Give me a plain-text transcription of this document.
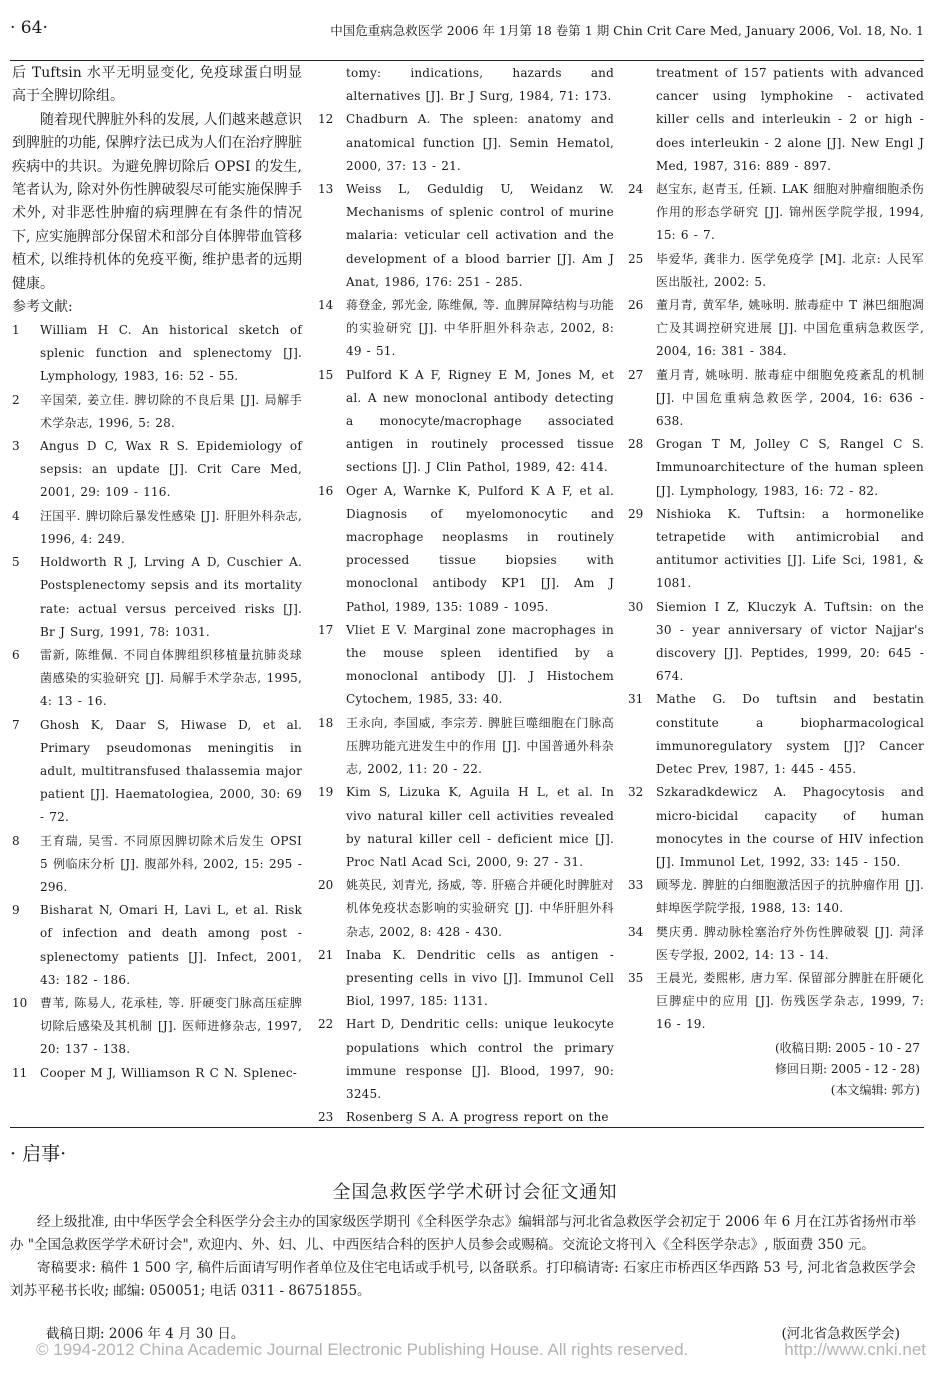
· 64·	中国危重病急救医学 2006 年 1月第 18 卷第 1 期 Chin Crit Care Med, January 2006, Vol. 18, No. 1

后 Tuftsin 水平无明显变化, 免疫球蛋白明显高于全脾切除组。

随着现代脾脏外科的发展, 人们越来越意识到脾脏的功能, 保脾疗法已成为人们在治疗脾脏疾病中的共识。为避免脾切除后 OPSI 的发生, 笔者认为, 除对外伤性脾破裂尽可能实施保脾手术外, 对非恶性肿瘤的病理脾在有条件的情况下, 应实施脾部分保留术和部分自体脾带血管移植术, 以维持机体的免疫平衡, 维护患者的远期健康。

参考文献:

1	William H C. An historical sketch of splenic function and splenectomy [J]. Lymphology, 1983, 16: 52 - 55.
2	辛国荣, 姜立佳. 脾切除的不良后果 [J]. 局解手术学杂志, 1996, 5: 28.
3	Angus D C, Wax R S. Epidemiology of sepsis: an update [J]. Crit Care Med, 2001, 29: 109 - 116.
4	汪国平. 脾切除后暴发性感染 [J]. 肝胆外科杂志, 1996, 4: 249.
5	Holdworth R J, Lrving A D, Cuschier A. Postsplenectomy sepsis and its mortality rate: actual versus perceived risks [J]. Br J Surg, 1991, 78: 1031.
6	雷新, 陈维佩. 不同自体脾组织移植量抗肺炎球菌感染的实验研究 [J]. 局解手术学杂志, 1995, 4: 13 - 16.
7	Ghosh K, Daar S, Hiwase D, et al. Primary pseudomonas meningitis in adult, multitransfused thalassemia major patient [J]. Haematologiea, 2000, 30: 69 - 72.
8	王育瑞, 吴雪. 不同原因脾切除术后发生 OPSI 5 例临床分析 [J]. 腹部外科, 2002, 15: 295 - 296.
9	Bisharat N, Omari H, Lavi L, et al. Risk of infection and death among post - splenectomy patients [J]. Infect, 2001, 43: 182 - 186.
10	曹苇, 陈易人, 花承桂, 等. 肝硬变门脉高压症脾切除后感染及其机制 [J]. 医师进修杂志, 1997, 20: 137 - 138.
11	Cooper M J, Williamson R C N. Splenec-
tomy: indications, hazards and alternatives [J]. Br J Surg, 1984, 71: 173.
12	Chadburn A. The spleen: anatomy and anatomical function [J]. Semin Hematol, 2000, 37: 13 - 21.
13	Weiss L, Geduldig U, Weidanz W. Mechanisms of splenic control of murine malaria: veticular cell activation and the development of a blood barrier [J]. Am J Anat, 1986, 176: 251 - 285.
14	蒋登金, 郭光金, 陈维佩, 等. 血脾屏障结构与功能的实验研究 [J]. 中华肝胆外科杂志, 2002, 8: 49 - 51.
15	Pulford K A F, Rigney E M, Jones M, et al. A new monoclonal antibody detecting a monocyte/macrophage associated antigen in routinely processed tissue sections [J]. J Clin Pathol, 1989, 42: 414.
16	Oger A, Warnke K, Pulford K A F, et al. Diagnosis of myelomonocytic and macrophage neoplasms in routinely processed tissue biopsies with monoclonal antibody KP1 [J]. Am J Pathol, 1989, 135: 1089 - 1095.
17	Vliet E V. Marginal zone macrophages in the mouse spleen identified by a monoclonal antibody [J]. J Histochem Cytochem, 1985, 33: 40.
18	王永向, 李国威, 李宗芳. 脾脏巨噬细胞在门脉高压脾功能亢进发生中的作用 [J]. 中国普通外科杂志, 2002, 11: 20 - 22.
19	Kim S, Lizuka K, Aguila H L, et al. In vivo natural killer cell activities revealed by natural killer cell - deficient mice [J]. Proc Natl Acad Sci, 2000, 9: 27 - 31.
20	姚英民, 刘青光, 扬威, 等. 肝癌合并硬化时脾脏对机体免疫状态影响的实验研究 [J]. 中华肝胆外科杂志, 2002, 8: 428 - 430.
21	Inaba K. Dendritic cells as antigen - presenting cells in vivo [J]. Immunol Cell Biol, 1997, 185: 1131.
22	Hart D, Dendritic cells: unique leukocyte populations which control the primary immune response [J]. Blood, 1997, 90: 3245.
23	Rosenberg S A. A progress report on the
treatment of 157 patients with advanced cancer using lymphokine - activated killer cells and interleukin - 2 or high - does interleukin - 2 alone [J]. New Engl J Med, 1987, 316: 889 - 897.
24	赵宝东, 赵青玉, 任颖. LAK 细胞对肿瘤细胞杀伤作用的形态学研究 [J]. 锦州医学院学报, 1994, 15: 6 - 7.
25	毕爱华, 龚非力. 医学免疫学 [M]. 北京: 人民军医出版社, 2002: 5.
26	董月青, 黄军华, 姚咏明. 脓毒症中 T 淋巴细胞凋亡及其调控研究进展 [J]. 中国危重病急救医学, 2004, 16: 381 - 384.
27	董月青, 姚咏明. 脓毒症中细胞免疫紊乱的机制 [J]. 中国危重病急救医学, 2004, 16: 636 - 638.
28	Grogan T M, Jolley C S, Rangel C S. Immunoarchitecture of the human spleen [J]. Lymphology, 1983, 16: 72 - 82.
29	Nishioka K. Tuftsin: a hormonelike tetrapetide with antimicrobial and antitumor activities [J]. Life Sci, 1981, & 1081.
30	Siemion I Z, Kluczyk A. Tuftsin: on the 30 - year anniversary of victor Najjar's discovery [J]. Peptides, 1999, 20: 645 - 674.
31	Mathe G. Do tuftsin and bestatin constitute a biopharmacological immunoregulatory system [J]? Cancer Detec Prev, 1987, 1: 445 - 455.
32	Szkaradkdewicz A. Phagocytosis and micro-bicidal capacity of human monocytes in the course of HIV infection [J]. Immunol Let, 1992, 33: 145 - 150.
33	顾琴龙. 脾脏的白细胞激活因子的抗肿瘤作用 [J]. 蚌埠医学院学报, 1988, 13: 140.
34	樊庆勇. 脾动脉栓塞治疗外伤性脾破裂 [J]. 菏泽医专学报, 2002, 14: 13 - 14.
35	王晨光, 娄熙彬, 唐力军. 保留部分脾脏在肝硬化巨脾症中的应用 [J]. 伤残医学杂志, 1999, 7: 16 - 19.
(收稿日期: 2005 - 10 - 27
修回日期: 2005 - 12 - 28)
(本文编辑: 郭方)
· 启事·
全国急救医学学术研讨会征文通知

经上级批准, 由中华医学会全科医学分会主办的国家级医学期刊《全科医学杂志》编辑部与河北省急救医学会初定于 2006 年 6 月在江苏省扬州市举办 "全国急救医学学术研讨会", 欢迎内、外、妇、儿、中西医结合科的医护人员参会或赐稿。交流论文将刊入《全科医学杂志》, 版面费 350 元。

寄稿要求: 稿件 1 500 字, 稿件后面请写明作者单位及住宅电话或手机号, 以备联系。打印稿请寄: 石家庄市桥西区华西路 53 号, 河北省急救医学会刘苏平秘书长收; 邮编: 050051; 电话 0311 - 86751855。

截稿日期: 2006 年 4 月 30 日。	(河北省急救医学会)
© 1994-2012 China Academic Journal Electronic Publishing House. All rights reserved.	http://www.cnki.net
